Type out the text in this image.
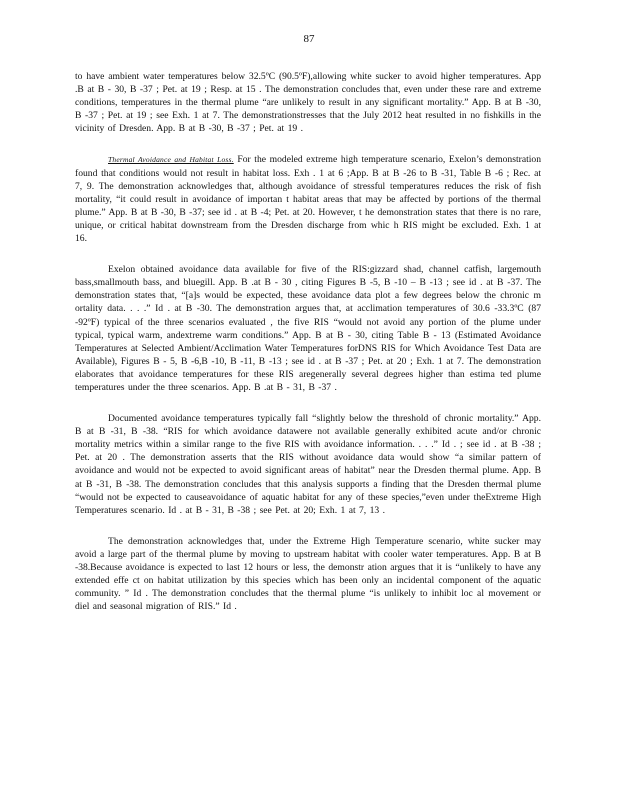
87

to have ambient water temperatures below 32.5ºC (90.5ºF),allowing white sucker to avoid higher temperatures. App .B at B - 30, B -37 ; Pet. at 19 ; Resp. at 15 . The demonstration concludes that, even under these rare and extreme conditions, temperatures in the thermal plume “are unlikely to result in any significant mortality.” App. B at B -30, B -37 ; Pet. at 19 ; see Exh. 1 at 7. The demonstrationstresses that the July 2012 heat resulted in no fishkills in the vicinity of Dresden. App. B at B -30, B -37 ; Pet. at 19 .

Thermal Avoidance and Habitat Loss. For the modeled extreme high temperature scenario, Exelon’s demonstration found that conditions would not result in habitat loss. Exh . 1 at 6 ;App. B at B -26 to B -31, Table B -6 ; Rec. at 7, 9. The demonstration acknowledges that, although avoidance of stressful temperatures reduces the risk of fish mortality, “it could result in avoidance of importan t habitat areas that may be affected by portions of the thermal plume.” App. B at B -30, B -37; see id . at B -4; Pet. at 20. However, t he demonstration states that there is no rare, unique, or critical habitat downstream from the Dresden discharge from whic h RIS might be excluded. Exh. 1 at 16.

Exelon obtained avoidance data available for five of the RIS:gizzard shad, channel catfish, largemouth bass,smallmouth bass, and bluegill. App. B .at B - 30 , citing Figures B -5, B -10 – B -13 ; see id . at B -37. The demonstration states that, “[a]s would be expected, these avoidance data plot a few degrees below the chronic m ortality data. . . .” Id . at B -30. The demonstration argues that, at acclimation temperatures of 30.6 -33.3ºC (87 -92ºF) typical of the three scenarios evaluated , the five RIS “would not avoid any portion of the plume under typical, typical warm, andextreme warm conditions.” App. B at B - 30, citing Table B - 13 (Estimated Avoidance Temperatures at Selected Ambient/Acclimation Water Temperatures forDNS RIS for Which Avoidance Test Data are Available), Figures B - 5, B -6,B -10, B -11, B -13 ; see id . at B -37 ; Pet. at 20 ; Exh. 1 at 7. The demonstration elaborates that avoidance temperatures for these RIS aregenerally several degrees higher than estima ted plume temperatures under the three scenarios. App. B .at B - 31, B -37 .

Documented avoidance temperatures typically fall “slightly below the threshold of chronic mortality.” App. B at B -31, B -38. “RIS for which avoidance datawere not available generally exhibited acute and/or chronic mortality metrics within a similar range to the five RIS with avoidance information. . . .” Id . ; see id . at B -38 ; Pet. at 20 . The demonstration asserts that the RIS without avoidance data would show “a similar pattern of avoidance and would not be expected to avoid significant areas of habitat” near the Dresden thermal plume. App. B at B -31, B -38. The demonstration concludes that this analysis supports a finding that the Dresden thermal plume “would not be expected to causeavoidance of aquatic habitat for any of these species,”even under theExtreme High Temperatures scenario. Id . at B - 31, B -38 ; see Pet. at 20; Exh. 1 at 7, 13 .

The demonstration acknowledges that, under the Extreme High Temperature scenario, white sucker may avoid a large part of the thermal plume by moving to upstream habitat with cooler water temperatures. App. B at B -38.Because avoidance is expected to last 12 hours or less, the demonstr ation argues that it is “unlikely to have any extended effe ct on habitat utilization by this species which has been only an incidental component of the aquatic community. ” Id . The demonstration concludes that the thermal plume “is unlikely to inhibit loc al movement or diel and seasonal migration of RIS.” Id .
